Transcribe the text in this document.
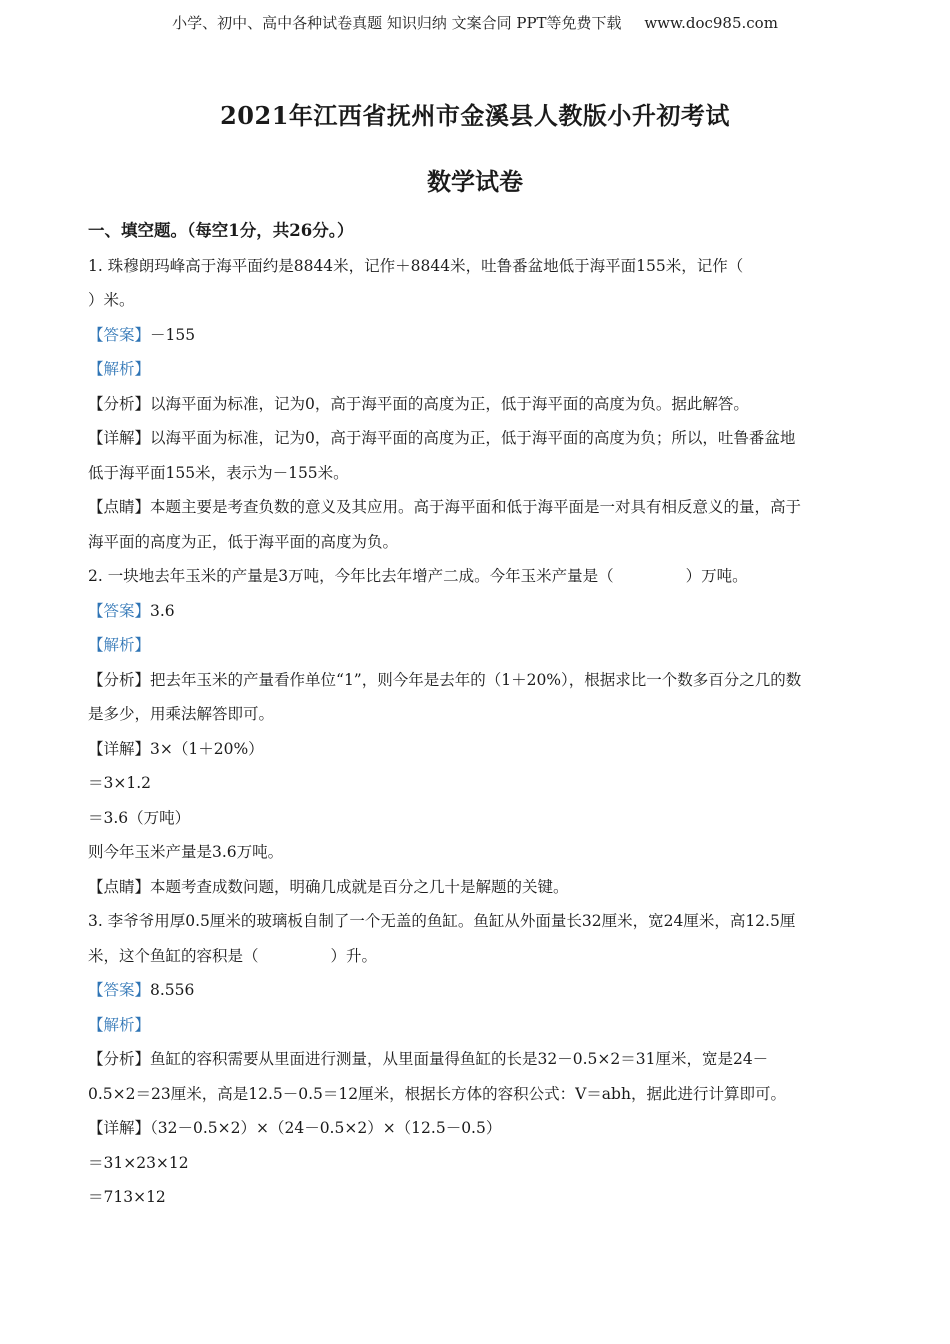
小学、初中、高中各种试卷真题 知识归纳 文案合同 PPT等免费下载 www.doc985.com
2021年江西省抚州市金溪县人教版小升初考试
数学试卷
一、填空题。（每空1分，共26分。）
1. 珠穆朗玛峰高于海平面约是8844米，记作＋8844米，吐鲁番盆地低于海平面155米，记作（
）米。
【答案】－155
【解析】
【分析】以海平面为标准，记为0，高于海平面的高度为正，低于海平面的高度为负。据此解答。
【详解】以海平面为标准，记为0，高于海平面的高度为正，低于海平面的高度为负；所以，吐鲁番盆地
低于海平面155米，表示为－155米。
【点睛】本题主要是考查负数的意义及其应用。高于海平面和低于海平面是一对具有相反意义的量，高于
海平面的高度为正，低于海平面的高度为负。
2. 一块地去年玉米的产量是3万吨，今年比去年增产二成。今年玉米产量是（	）万吨。
【答案】3.6
【解析】
【分析】把去年玉米的产量看作单位“1”，则今年是去年的（1＋20%），根据求比一个数多百分之几的数
是多少，用乘法解答即可。
【详解】3×（1＋20%）
＝3×1.2
＝3.6（万吨）
则今年玉米产量是3.6万吨。
【点睛】本题考查成数问题，明确几成就是百分之几十是解题的关键。
3. 李爷爷用厚0.5厘米的玻璃板自制了一个无盖的鱼缸。鱼缸从外面量长32厘米，宽24厘米，高12.5厘
米，这个鱼缸的容积是（	）升。
【答案】8.556
【解析】
【分析】鱼缸的容积需要从里面进行测量，从里面量得鱼缸的长是32－0.5×2＝31厘米，宽是24－
0.5×2＝23厘米，高是12.5－0.5＝12厘米，根据长方体的容积公式：V＝abh，据此进行计算即可。
【详解】（32－0.5×2）×（24－0.5×2）×（12.5－0.5）
＝31×23×12
＝713×12
